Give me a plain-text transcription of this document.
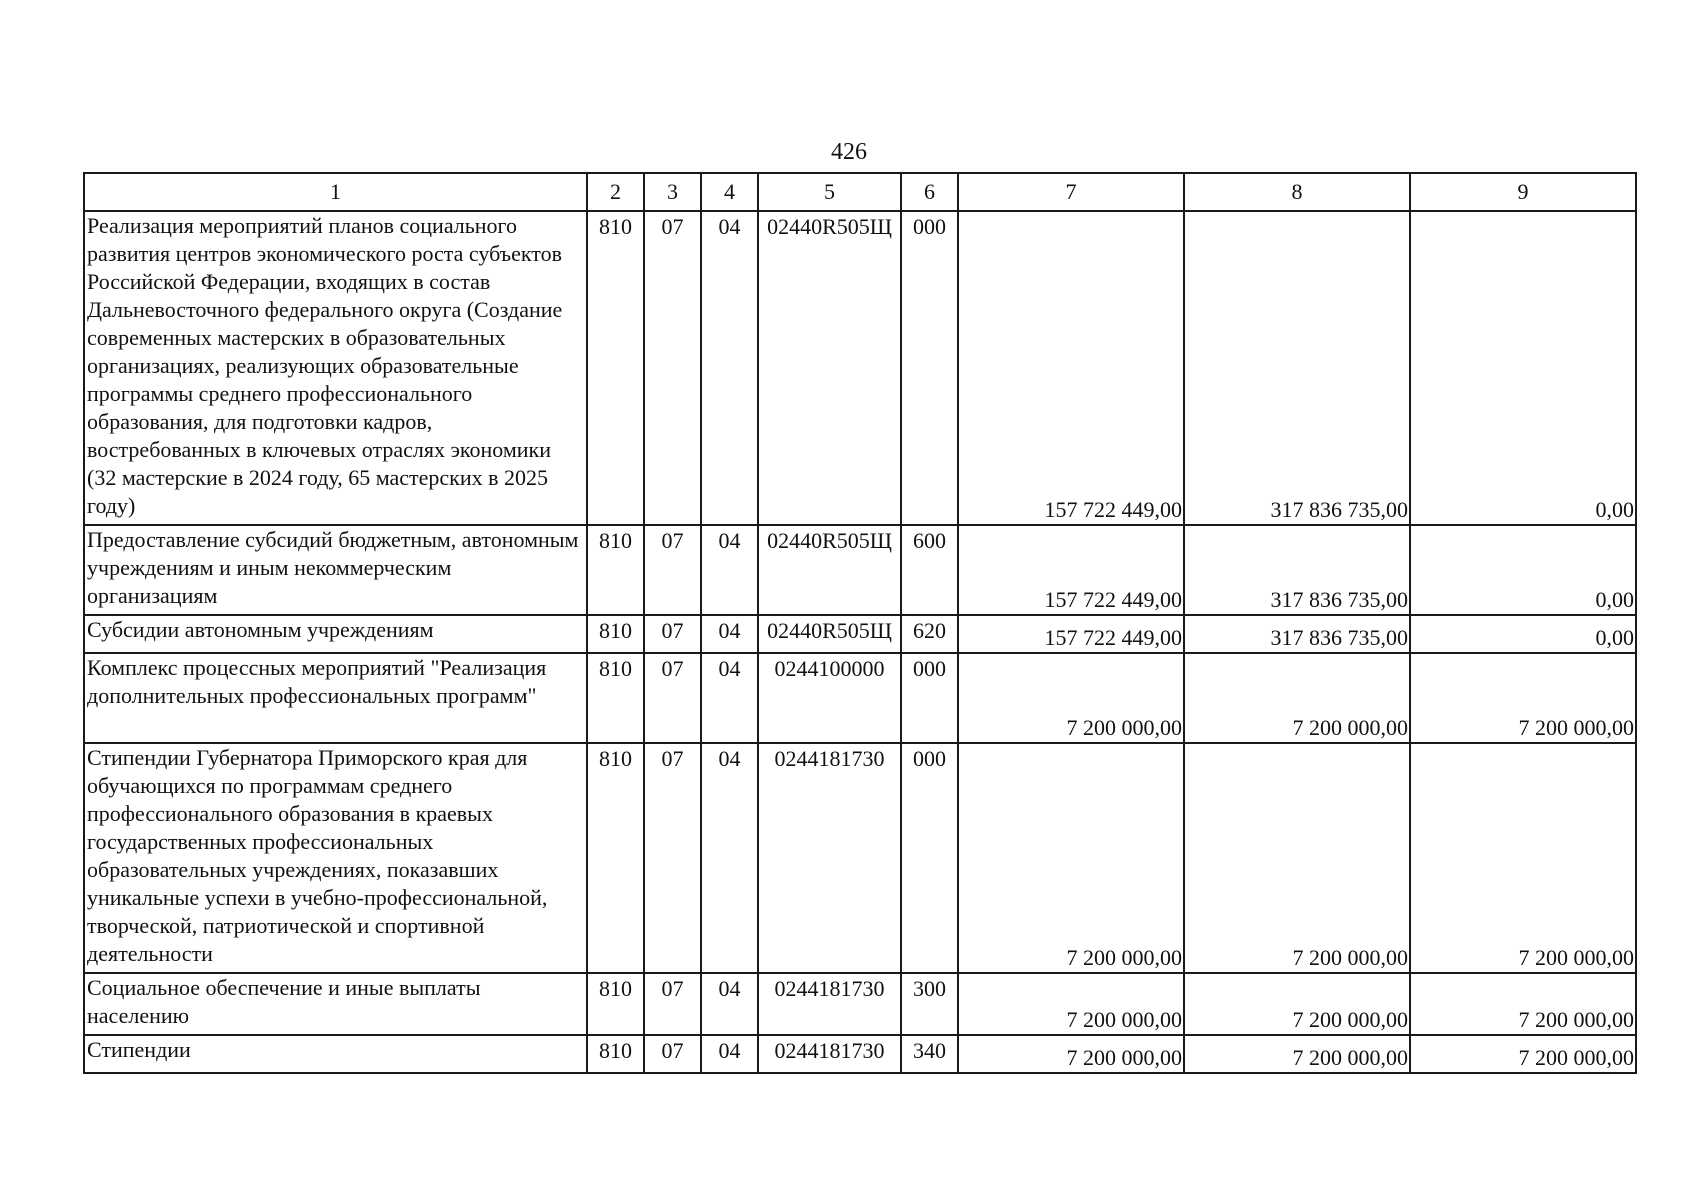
426
1	2	3	4	5	6	7	8	9
Реализация мероприятий планов социального развития центров экономического роста субъектов Российской Федерации, входящих в состав Дальневосточного федерального округа (Создание современных мастерских в образовательных организациях, реализующих образовательные программы среднего профессионального образования, для подготовки кадров, востребованных в ключевых отраслях экономики (32 мастерские в 2024 году, 65 мастерских в 2025 году)	810	07	04	02440R505Щ	000	157 722 449,00	317 836 735,00	0,00
Предоставление субсидий бюджетным, автономным учреждениям и иным некоммерческим организациям	810	07	04	02440R505Щ	600	157 722 449,00	317 836 735,00	0,00
Субсидии автономным учреждениям	810	07	04	02440R505Щ	620	157 722 449,00	317 836 735,00	0,00
Комплекс процессных мероприятий "Реализация дополнительных профессиональных программ"	810	07	04	0244100000	000	7 200 000,00	7 200 000,00	7 200 000,00
Стипендии Губернатора Приморского края для обучающихся по программам среднего профессионального образования в краевых государственных профессиональных образовательных учреждениях, показавших уникальные успехи в учебно-профессиональной, творческой, патриотической и спортивной деятельности	810	07	04	0244181730	000	7 200 000,00	7 200 000,00	7 200 000,00
Социальное обеспечение и иные выплаты населению	810	07	04	0244181730	300	7 200 000,00	7 200 000,00	7 200 000,00
Стипендии	810	07	04	0244181730	340	7 200 000,00	7 200 000,00	7 200 000,00
